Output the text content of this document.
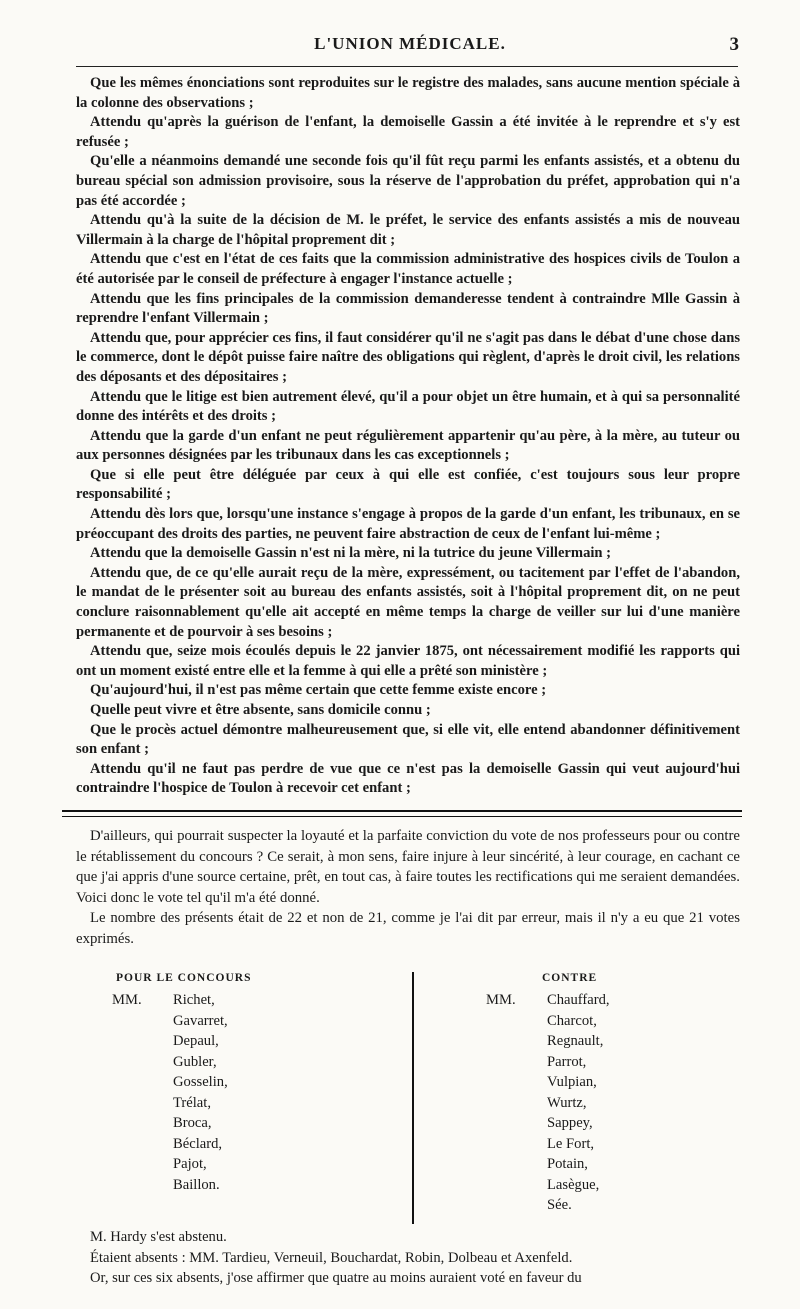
L'UNION MÉDICALE.	3

Que les mêmes énonciations sont reproduites sur le registre des malades, sans aucune mention spéciale à la colonne des observations ;

Attendu qu'après la guérison de l'enfant, la demoiselle Gassin a été invitée à le reprendre et s'y est refusée ;

Qu'elle a néanmoins demandé une seconde fois qu'il fût reçu parmi les enfants assistés, et a obtenu du bureau spécial son admission provisoire, sous la réserve de l'approbation du préfet, approbation qui n'a pas été accordée ;

Attendu qu'à la suite de la décision de M. le préfet, le service des enfants assistés a mis de nouveau Villermain à la charge de l'hôpital proprement dit ;

Attendu que c'est en l'état de ces faits que la commission administrative des hospices civils de Toulon a été autorisée par le conseil de préfecture à engager l'instance actuelle ;

Attendu que les fins principales de la commission demanderesse tendent à contraindre Mlle Gassin à reprendre l'enfant Villermain ;

Attendu que, pour apprécier ces fins, il faut considérer qu'il ne s'agit pas dans le débat d'une chose dans le commerce, dont le dépôt puisse faire naître des obligations qui règlent, d'après le droit civil, les relations des déposants et des dépositaires ;

Attendu que le litige est bien autrement élevé, qu'il a pour objet un être humain, et à qui sa personnalité donne des intérêts et des droits ;

Attendu que la garde d'un enfant ne peut régulièrement appartenir qu'au père, à la mère, au tuteur ou aux personnes désignées par les tribunaux dans les cas exceptionnels ;

Que si elle peut être déléguée par ceux à qui elle est confiée, c'est toujours sous leur propre responsabilité ;

Attendu dès lors que, lorsqu'une instance s'engage à propos de la garde d'un enfant, les tribunaux, en se préoccupant des droits des parties, ne peuvent faire abstraction de ceux de l'enfant lui-même ;

Attendu que la demoiselle Gassin n'est ni la mère, ni la tutrice du jeune Villermain ;

Attendu que, de ce qu'elle aurait reçu de la mère, expressément, ou tacitement par l'effet de l'abandon, le mandat de le présenter soit au bureau des enfants assistés, soit à l'hôpital proprement dit, on ne peut conclure raisonnablement qu'elle ait accepté en même temps la charge de veiller sur lui d'une manière permanente et de pourvoir à ses besoins ;

Attendu que, seize mois écoulés depuis le 22 janvier 1875, ont nécessairement modifié les rapports qui ont un moment existé entre elle et la femme à qui elle a prêté son ministère ;

Qu'aujourd'hui, il n'est pas même certain que cette femme existe encore ;

Quelle peut vivre et être absente, sans domicile connu ;

Que le procès actuel démontre malheureusement que, si elle vit, elle entend abandonner définitivement son enfant ;

Attendu qu'il ne faut pas perdre de vue que ce n'est pas la demoiselle Gassin qui veut aujourd'hui contraindre l'hospice de Toulon à recevoir cet enfant ;

D'ailleurs, qui pourrait suspecter la loyauté et la parfaite conviction du vote de nos professeurs pour ou contre le rétablissement du concours ? Ce serait, à mon sens, faire injure à leur sincérité, à leur courage, en cachant ce que j'ai appris d'une source certaine, prêt, en tout cas, à faire toutes les rectifications qui me seraient demandées. Voici donc le vote tel qu'il m'a été donné.

Le nombre des présents était de 22 et non de 21, comme je l'ai dit par erreur, mais il n'y a eu que 21 votes exprimés.

POUR LE CONCOURS	CONTRE
MM. Richet,
Gavarret,
Depaul,
Gubler,
Gosselin,
Trélat,
Broca,
Béclard,
Pajot,
Baillon.
MM. Chauffard,
Charcot,
Regnault,
Parrot,
Vulpian,
Wurtz,
Sappey,
Le Fort,
Potain,
Lasègue,
Sée.

M. Hardy s'est abstenu.

Étaient absents : MM. Tardieu, Verneuil, Bouchardat, Robin, Dolbeau et Axenfeld.

Or, sur ces six absents, j'ose affirmer que quatre au moins auraient voté en faveur du
